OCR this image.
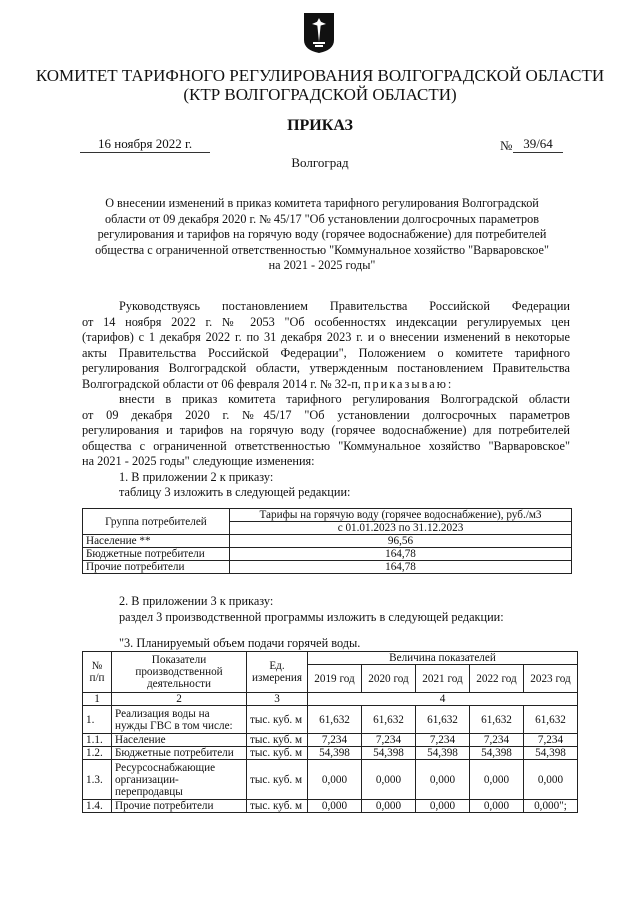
КОМИТЕТ ТАРИФНОГО РЕГУЛИРОВАНИЯ ВОЛГОГРАДСКОЙ ОБЛАСТИ
(КТР ВОЛГОГРАДСКОЙ ОБЛАСТИ)
ПРИКАЗ
16 ноября 2022 г.	№ 39/64
Волгоград
О внесении изменений в приказ комитета тарифного регулирования Волгоградской
области от 09 декабря 2020 г. № 45/17 "Об установлении долгосрочных параметров
регулирования и тарифов на горячую воду (горячее водоснабжение) для потребителей
общества с ограниченной ответственностью "Коммунальное хозяйство "Варваровское"
на 2021 - 2025 годы"
Руководствуясь постановлением Правительства Российской Федерации
от 14 ноября 2022 г. № 2053 "Об особенностях индексации регулируемых цен
(тарифов) с 1 декабря 2022 г. по 31 декабря 2023 г. и о внесении изменений в некоторые
акты Правительства Российской Федерации", Положением о комитете тарифного
регулирования Волгоградской области, утвержденным постановлением Правительства
Волгоградской области от 06 февраля 2014 г. № 32-п, приказываю:
внести в приказ комитета тарифного регулирования Волгоградской области
от 09 декабря 2020 г. №45/17 "Об установлении долгосрочных параметров
регулирования и тарифов на горячую воду (горячее водоснабжение) для потребителей
общества с ограниченной ответственностью "Коммунальное хозяйство "Варваровское"
на 2021 - 2025 годы" следующие изменения:
1. В приложении 2 к приказу:
таблицу 3 изложить в следующей редакции:
Группа потребителей	Тарифы на горячую воду (горячее водоснабжение), руб./м3
	с 01.01.2023 по 31.12.2023
Население **	96,56
Бюджетные потребители	164,78
Прочие потребители	164,78
2. В приложении 3 к приказу:
раздел 3 производственной программы изложить в следующей редакции:
"3. Планируемый объем подачи горячей воды.
№ п/п	Показатели производственной деятельности	Ед. измерения	Величина показателей				
			2019 год	2020 год	2021 год	2022 год	2023 год
1	2	3	4				
1.	Реализация воды на нужды ГВС в том числе:	тыс. куб. м	61,632	61,632	61,632	61,632	61,632
1.1.	Население	тыс. куб. м	7,234	7,234	7,234	7,234	7,234
1.2.	Бюджетные потребители	тыс. куб. м	54,398	54,398	54,398	54,398	54,398
1.3.	Ресурсоснабжающие организации-перепродавцы	тыс. куб. м	0,000	0,000	0,000	0,000	0,000
1.4.	Прочие потребители	тыс. куб. м	0,000	0,000	0,000	0,000	0,000";
